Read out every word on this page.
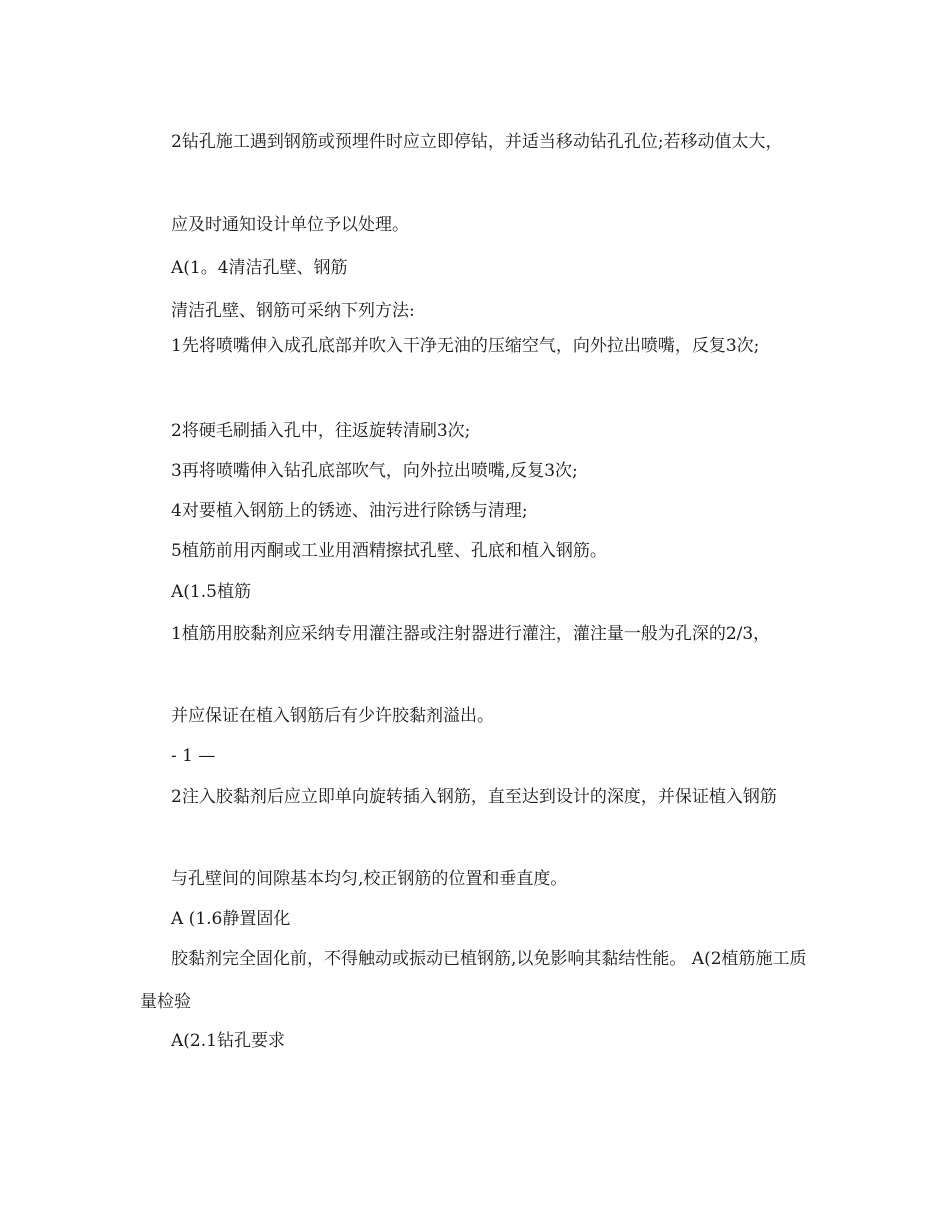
2钻孔施工遇到钢筋或预埋件时应立即停钻，并适当移动钻孔孔位;若移动值太大，

应及时通知设计单位予以处理。

A(1。4清洁孔壁、钢筋

清洁孔壁、钢筋可采纳下列方法:

1先将喷嘴伸入成孔底部并吹入干净无油的压缩空气，向外拉出喷嘴，反复3次;

2将硬毛刷插入孔中，往返旋转清刷3次;

3再将喷嘴伸入钻孔底部吹气，向外拉出喷嘴,反复3次;

4对要植入钢筋上的锈迹、油污进行除锈与清理;

5植筋前用丙酮或工业用酒精擦拭孔壁、孔底和植入钢筋。

A(1.5植筋

1植筋用胶黏剂应采纳专用灌注器或注射器进行灌注，灌注量一般为孔深的2/3，

并应保证在植入钢筋后有少许胶黏剂溢出。

- 1 —

2注入胶黏剂后应立即单向旋转插入钢筋，直至达到设计的深度，并保证植入钢筋

与孔壁间的间隙基本均匀,校正钢筋的位置和垂直度。

A (1.6静置固化

胶黏剂完全固化前，不得触动或振动已植钢筋,以免影响其黏结性能。 A(2植筋施工质量检验

A(2.1钻孔要求
